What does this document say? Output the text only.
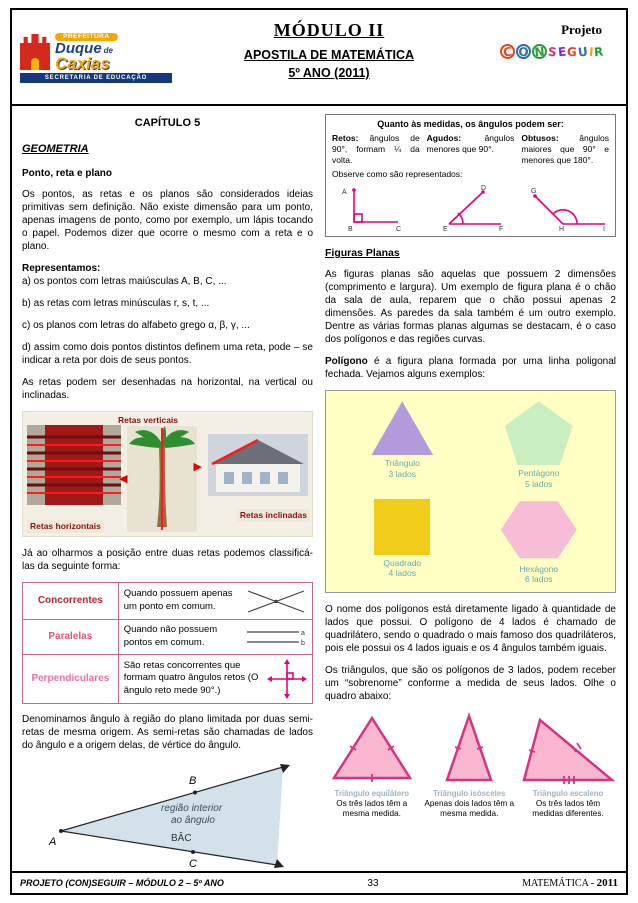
PREFEITURA
Duque de
Caxias
SECRETARIA DE EDUCAÇÃO
MÓDULO II
APOSTILA DE MATEMÁTICA
5º ANO (2011)
Projeto
C O N S E G U I R
CAPÍTULO 5
GEOMETRIA
Ponto, reta e plano

Os pontos, as retas e os planos são considerados ideias primitivas sem definição. Não existe dimensão para um ponto, apenas imagens de ponto, como por exemplo, um lápis tocando o papel. Podemos dizer que ocorre o mesmo com a reta e o plano.

Representamos:

a) os pontos com letras maiúsculas A, B, C, ...

b) as retas com letras minúsculas r, s, t, ...

c) os planos com letras do alfabeto grego α, β, γ, ...

d) assim como dois pontos distintos definem uma reta, pode – se indicar a reta por dois de seus pontos.

As retas podem ser desenhadas na horizontal, na vertical ou inclinadas.

Retas verticais
Retas horizontais
Retas inclinadas
◀
▶

Já ao olharmos a posição entre duas retas podemos classificá-las da seguinte forma:

Concorrentes	Quando possuem apenas um ponto em comum.

Paralelas	Quando não possuem pontos em comum.
a
b

Perpendiculares	São retas concorrentes que formam quatro ângulos retos (O ângulo reto mede 90°.)

Denominamos ângulo à região do plano limitada por duas semi-retas de mesma origem. As semi-retas são chamadas de lados do ângulo e a origem delas, de vértice do ângulo.

A
B
C
região interior
ao ângulo
BÂC
Quanto às medidas, os ângulos podem ser:
Retos: ângulos de 90°, formam ¼ da volta.
Agudos:	ângulos menores que 90°.
Obtusos: ângulos maiores que 90° e menores que 180°.
Observe como são representados:
A
B	C
D
E	F
G
H	I
Figuras Planas

As figuras planas são aquelas que possuem 2 dimensões (comprimento e largura). Um exemplo de figura plana é o chão da sala de aula, reparem que o chão possui apenas 2 dimensões. As paredes da sala também é um outro exemplo. Dentre as várias formas planas algumas se destacam, é o caso dos polígonos e das regiões curvas.

Polígono é a figura plana formada por uma linha poligonal fechada. Vejamos alguns exemplos:

Triângulo
3 lados	Pentágono
5 lados
Quadrado
4 lados	Hexágono
6 lados

O nome dos polígonos está diretamente ligado à quantidade de lados que possui. O polígono de 4 lados é chamado de quadrilátero, sendo o quadrado o mais famoso dos quadriláteros, pois ele possui os 4 lados iguais e os 4 ângulos também iguais.

Os triângulos, que são os polígonos de 3 lados, podem receber um “sobrenome” conforme a medida de seus lados. Olhe o quadro abaixo:

Triângulo equilátero
Os três lados têm a mesma medida.
Triângulo isósceles
Apenas dois lados têm a mesma medida.
Triângulo escaleno
Os três lados têm medidas diferentes.
PROJETO (CON)SEGUIR – MÓDULO 2 – 5º ANO	33	MATEMÁTICA - 2011
